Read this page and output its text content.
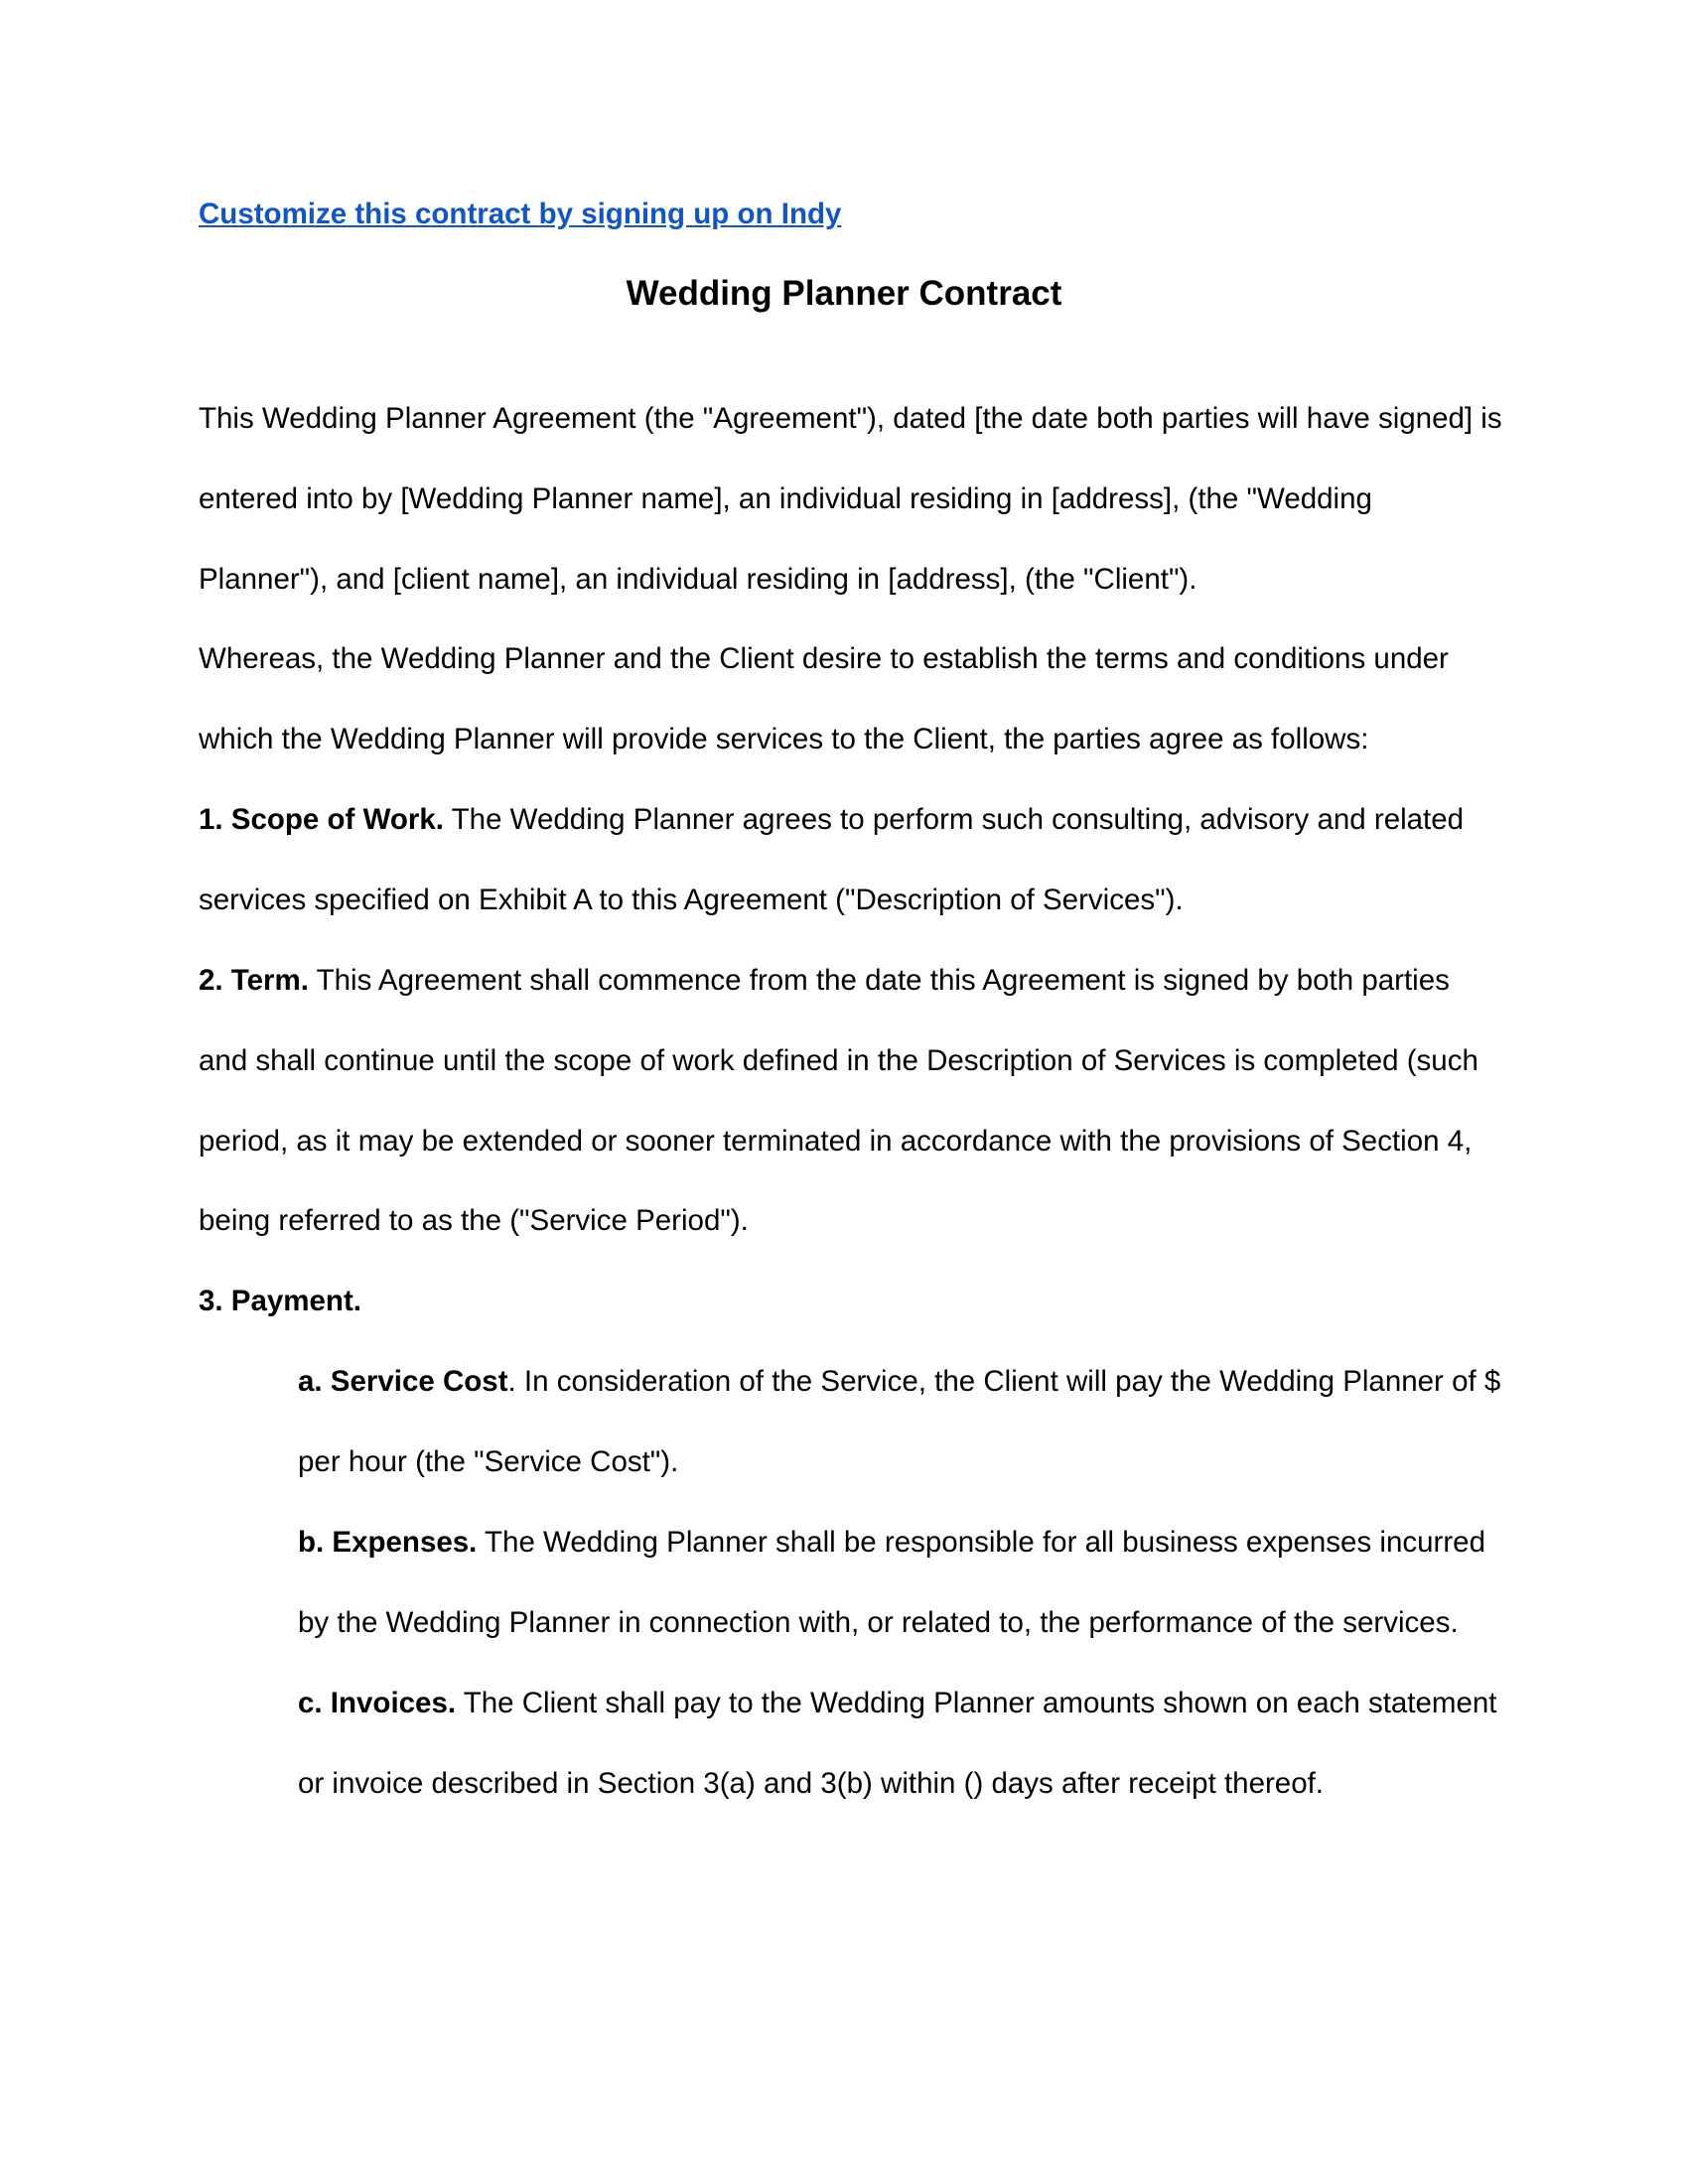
Customize this contract by signing up on Indy
Wedding Planner Contract
This Wedding Planner Agreement (the "Agreement"), dated [the date both parties will have signed] is
entered into by [Wedding Planner name], an individual residing in [address], (the "Wedding
Planner"), and [client name], an individual residing in [address], (the "Client").
Whereas, the Wedding Planner and the Client desire to establish the terms and conditions under
which the Wedding Planner will provide services to the Client, the parties agree as follows:
1. Scope of Work. The Wedding Planner agrees to perform such consulting, advisory and related
services specified on Exhibit A to this Agreement ("Description of Services").
2. Term. This Agreement shall commence from the date this Agreement is signed by both parties
and shall continue until the scope of work defined in the Description of Services is completed (such
period, as it may be extended or sooner terminated in accordance with the provisions of Section 4,
being referred to as the ("Service Period").
3. Payment.
a. Service Cost. In consideration of the Service, the Client will pay the Wedding Planner of $
per hour (the "Service Cost").
b. Expenses. The Wedding Planner shall be responsible for all business expenses incurred
by the Wedding Planner in connection with, or related to, the performance of the services.
c. Invoices. The Client shall pay to the Wedding Planner amounts shown on each statement
or invoice described in Section 3(a) and 3(b) within () days after receipt thereof.
